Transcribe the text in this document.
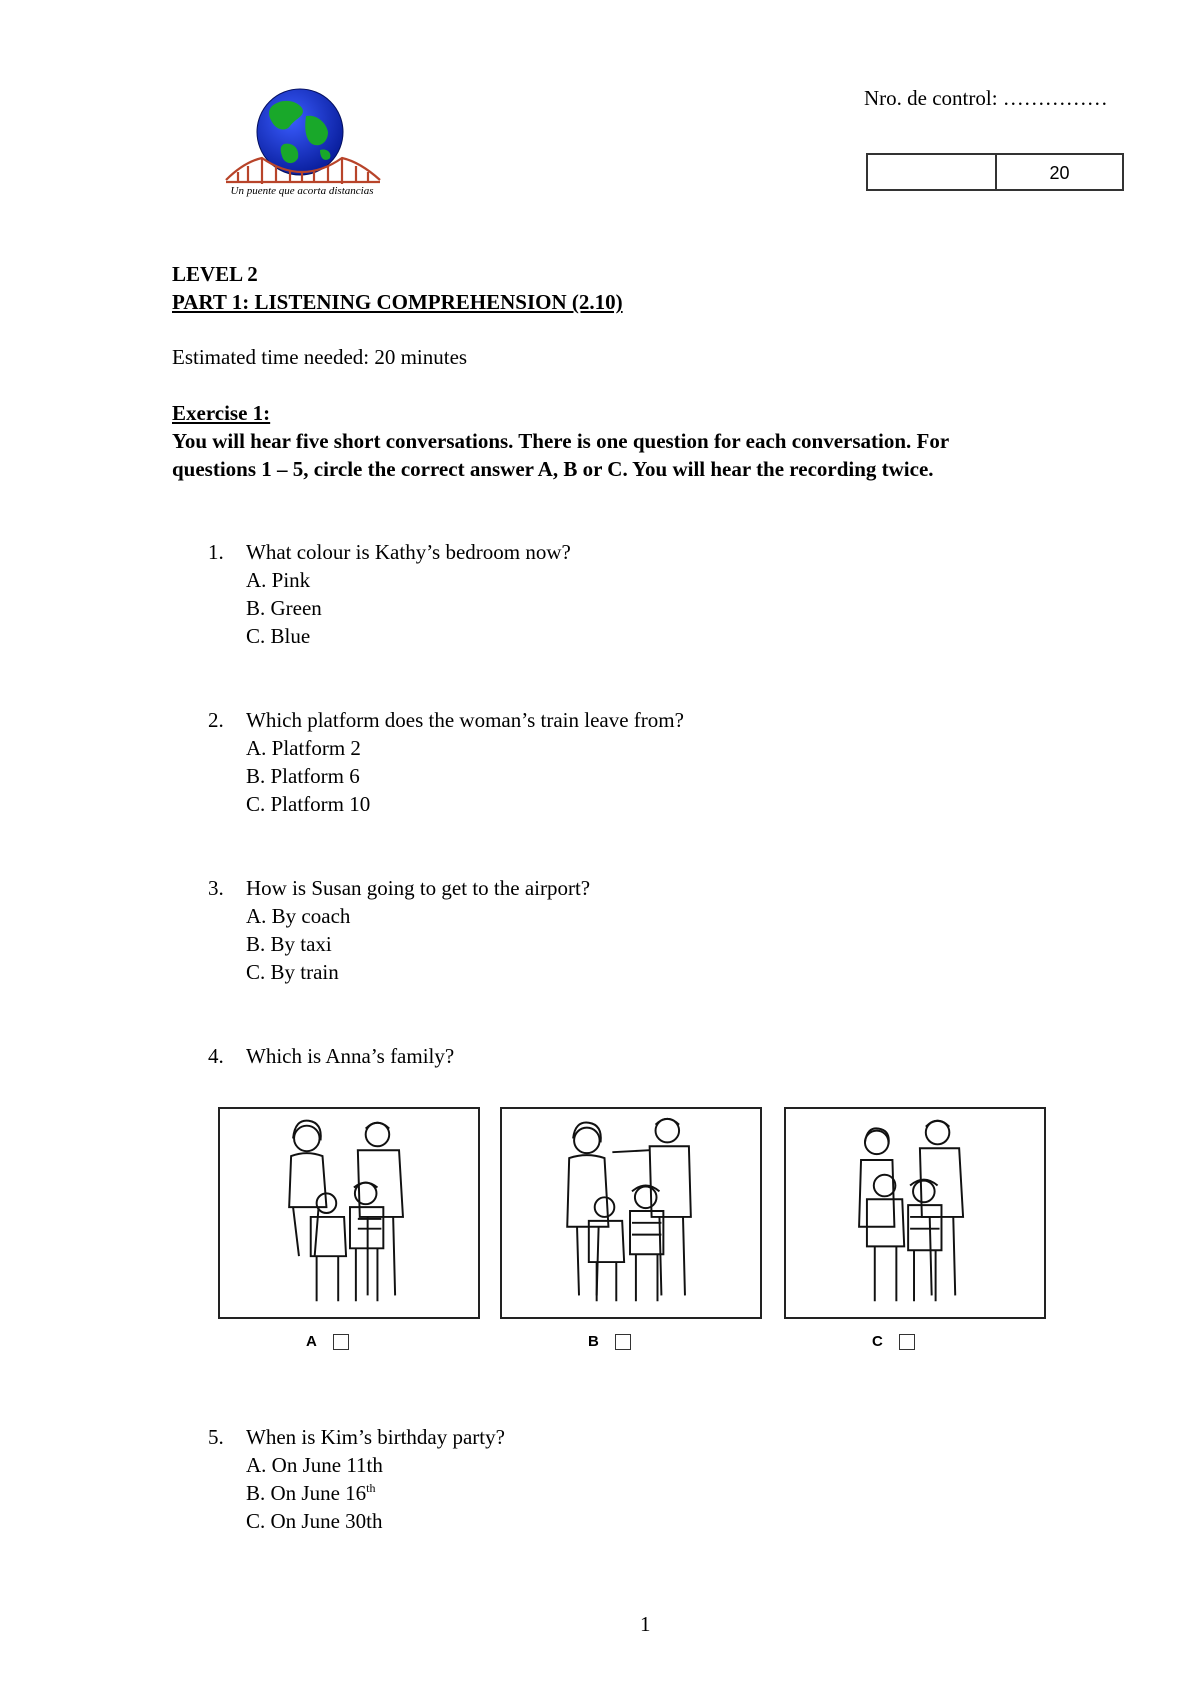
Un puente que acorta distancias
Nro. de control: ……………
20
LEVEL 2
PART 1: LISTENING COMPREHENSION (2.10)
Estimated time needed: 20 minutes
Exercise 1:
You will hear five short conversations. There is one question for each conversation. For
questions 1 – 5, circle the correct answer A, B or C. You will hear the recording twice.
1. What colour is Kathy’s bedroom now?
A. Pink
B. Green
C. Blue
2. Which platform does the woman’s train leave from?
A. Platform 2
B. Platform 6
C. Platform 10
3. How is Susan going to get to the airport?
A. By coach
B. By taxi
C. By train
4. Which is Anna’s family?
A	B	C
5. When is Kim’s birthday party?
A. On June 11th
B. On June 16th
C. On June 30th
1
